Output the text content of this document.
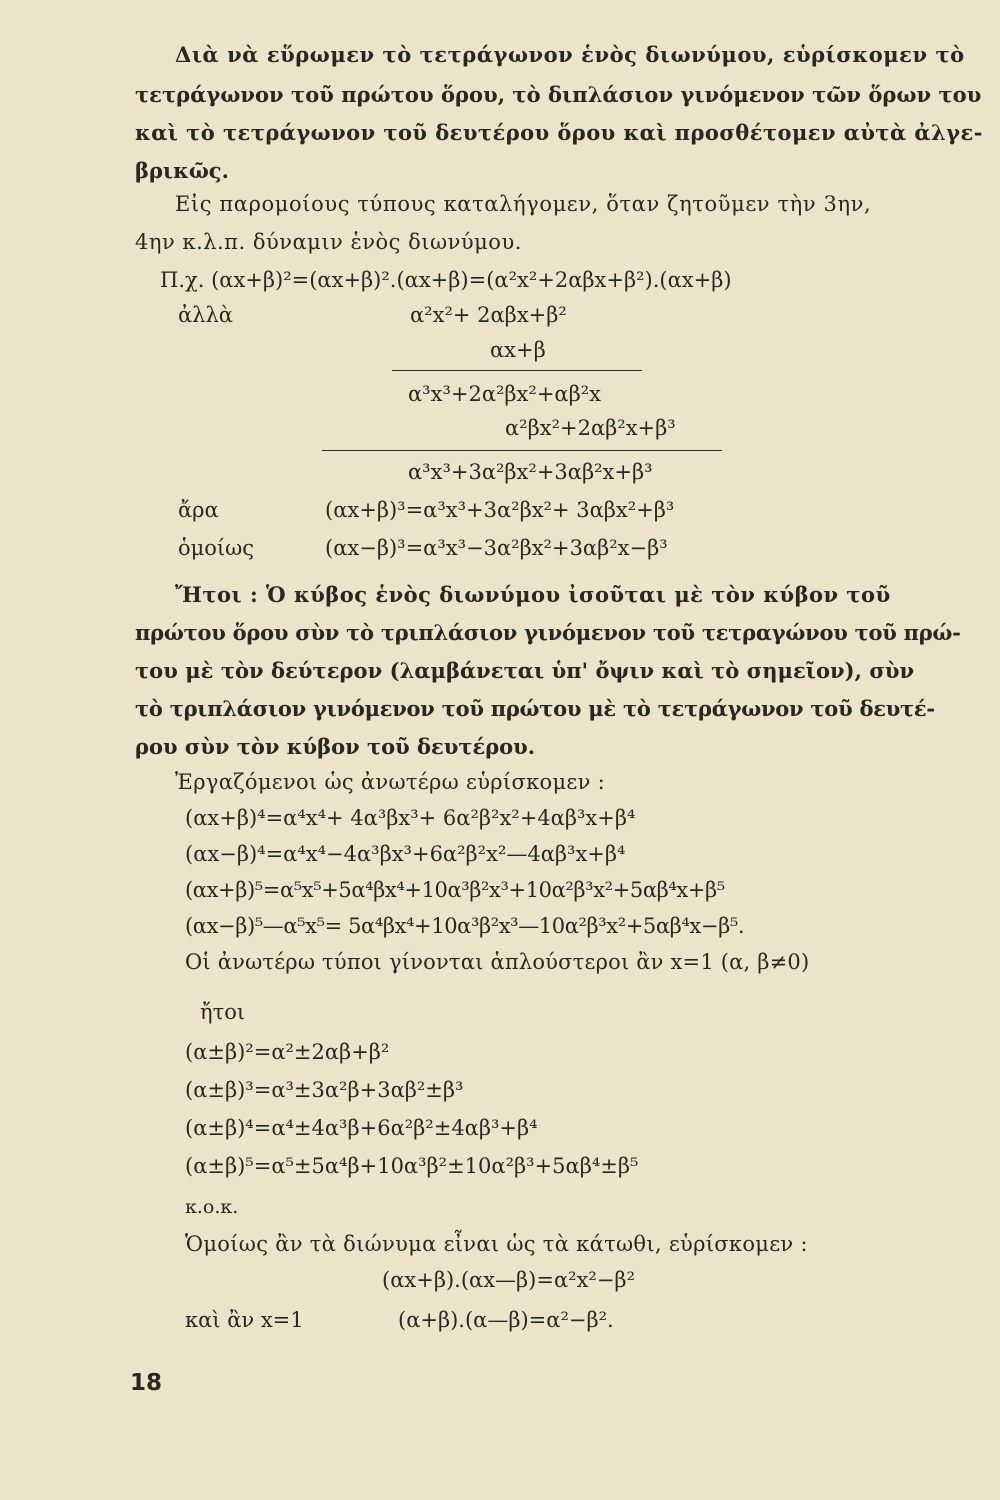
Διὰ νὰ εὕρωμεν τὸ τετράγωνον ἑνὸς διωνύμου, εὑρίσκομεν τὸ
τετράγωνον τοῦ πρώτου ὅρου, τὸ διπλάσιον γινόμενον τῶν ὅρων του
καὶ τὸ τετράγωνον τοῦ δευτέρου ὅρου καὶ προσθέτομεν αὐτὰ ἀλγε-
βρικῶς.
Εἰς παρομοίους τύπους καταλήγομεν, ὅταν ζητοῦμεν τὴν 3ην,
4ην κ.λ.π. δύναμιν ἑνὸς διωνύμου.
Π.χ. (αx+β)²=(αx+β)².(αx+β)=(α²x²+2αβx+β²).(αx+β)
ἀλλὰ	α²x²+ 2αβx+β²
αx+β
α³x³+2α²βx²+αβ²x
α²βx²+2αβ²x+β³
α³x³+3α²βx²+3αβ²x+β³
ἄρα	(αx+β)³=α³x³+3α²βx²+ 3αβx²+β³
ὁμοίως	(αx−β)³=α³x³−3α²βx²+3αβ²x−β³
Ἤτοι : Ὁ κύβος ἑνὸς διωνύμου ἰσοῦται μὲ τὸν κύβον τοῦ
πρώτου ὅρου σὺν τὸ τριπλάσιον γινόμενον τοῦ τετραγώνου τοῦ πρώ-
του μὲ τὸν δεύτερον (λαμβάνεται ὑπ' ὄψιν καὶ τὸ σημεῖον), σὺν
τὸ τριπλάσιον γινόμενον τοῦ πρώτου μὲ τὸ τετράγωνον τοῦ δευτέ-
ρου σὺν τὸν κύβον τοῦ δευτέρου.
Ἐργαζόμενοι ὡς ἀνωτέρω εὑρίσκομεν :
(αx+β)⁴=α⁴x⁴+ 4α³βx³+ 6α²β²x²+4αβ³x+β⁴
(αx−β)⁴=α⁴x⁴−4α³βx³+6α²β²x²—4αβ³x+β⁴
(αx+β)⁵=α⁵x⁵+5α⁴βx⁴+10α³β²x³+10α²β³x²+5αβ⁴x+β⁵
(αx−β)⁵—α⁵x⁵= 5α⁴βx⁴+10α³β²x³—10α²β³x²+5αβ⁴x−β⁵.
Οἱ ἀνωτέρω τύποι γίνονται ἁπλούστεροι ἂν x=1 (α, β≠0)
ἤτοι
(α±β)²=α²±2αβ+β²
(α±β)³=α³±3α²β+3αβ²±β³
(α±β)⁴=α⁴±4α³β+6α²β²±4αβ³+β⁴
(α±β)⁵=α⁵±5α⁴β+10α³β²±10α²β³+5αβ⁴±β⁵
κ.ο.κ.
Ὁμοίως ἂν τὰ διώνυμα εἶναι ὡς τὰ κάτωθι, εὑρίσκομεν :
(αx+β).(αx—β)=α²x²−β²
καὶ ἂν x=1	(α+β).(α—β)=α²−β².
18
